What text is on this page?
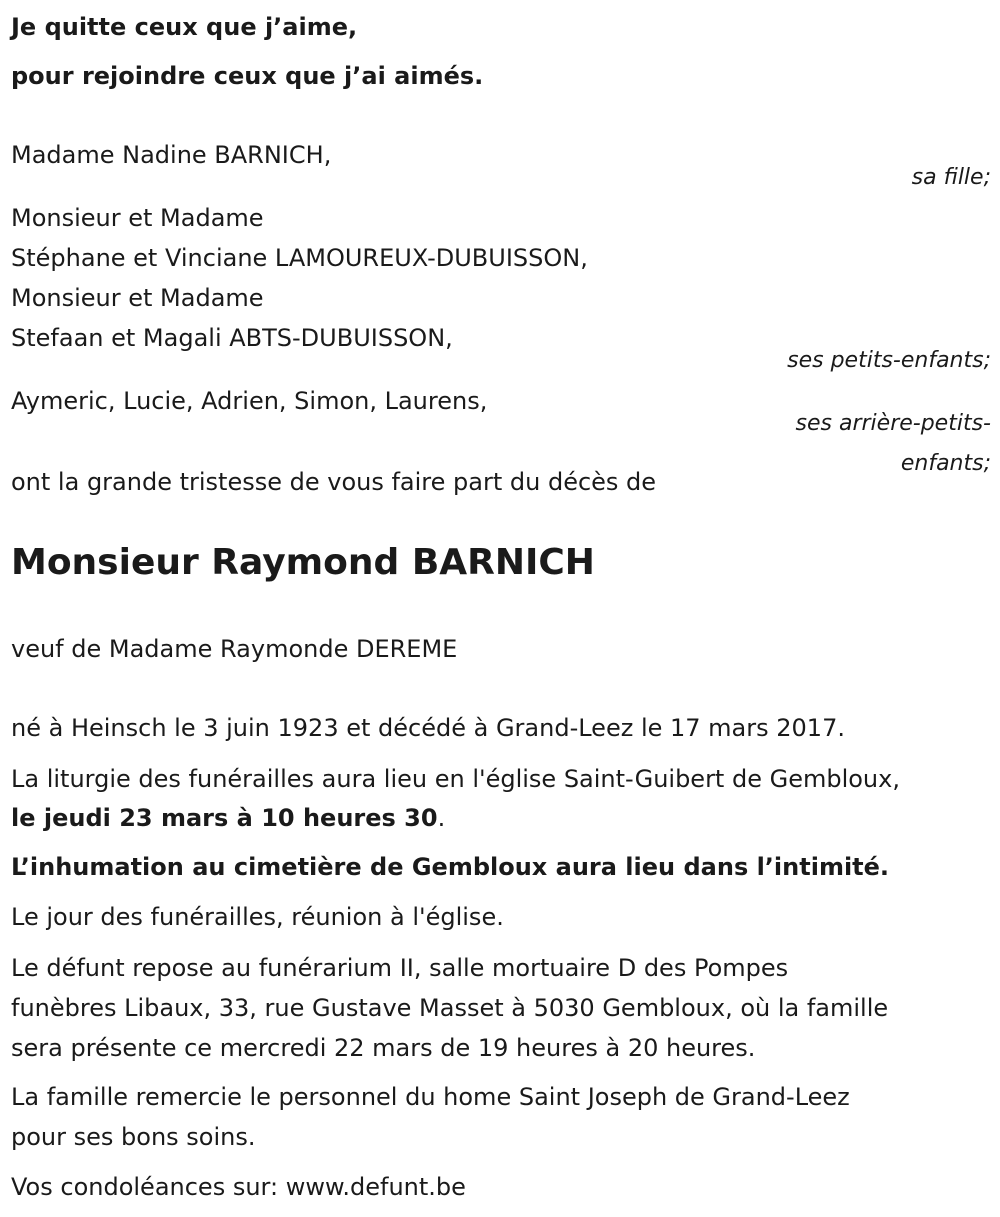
Je quitte ceux que j’aime,
pour rejoindre ceux que j’ai aimés.
Madame Nadine BARNICH,
sa fille;
Monsieur et Madame
Stéphane et Vinciane LAMOUREUX-DUBUISSON,
Monsieur et Madame
Stefaan et Magali ABTS-DUBUISSON,
ses petits-enfants;
Aymeric, Lucie, Adrien, Simon, Laurens,
ses arrière-petits-
enfants;
ont la grande tristesse de vous faire part du décès de
Monsieur Raymond BARNICH
veuf de Madame Raymonde DEREME
né à Heinsch le 3 juin 1923 et décédé à Grand-Leez le 17 mars 2017.
La liturgie des funérailles aura lieu en l'église Saint-Guibert de Gembloux,
le jeudi 23 mars à 10 heures 30.
L’inhumation au cimetière de Gembloux aura lieu dans l’intimité.
Le jour des funérailles, réunion à l'église.
Le défunt repose au funérarium II, salle mortuaire D des Pompes
funèbres Libaux, 33, rue Gustave Masset à 5030 Gembloux, où la famille
sera présente ce mercredi 22 mars de 19 heures à 20 heures.
La famille remercie le personnel du home Saint Joseph de Grand-Leez
pour ses bons soins.
Vos condoléances sur: www.defunt.be
